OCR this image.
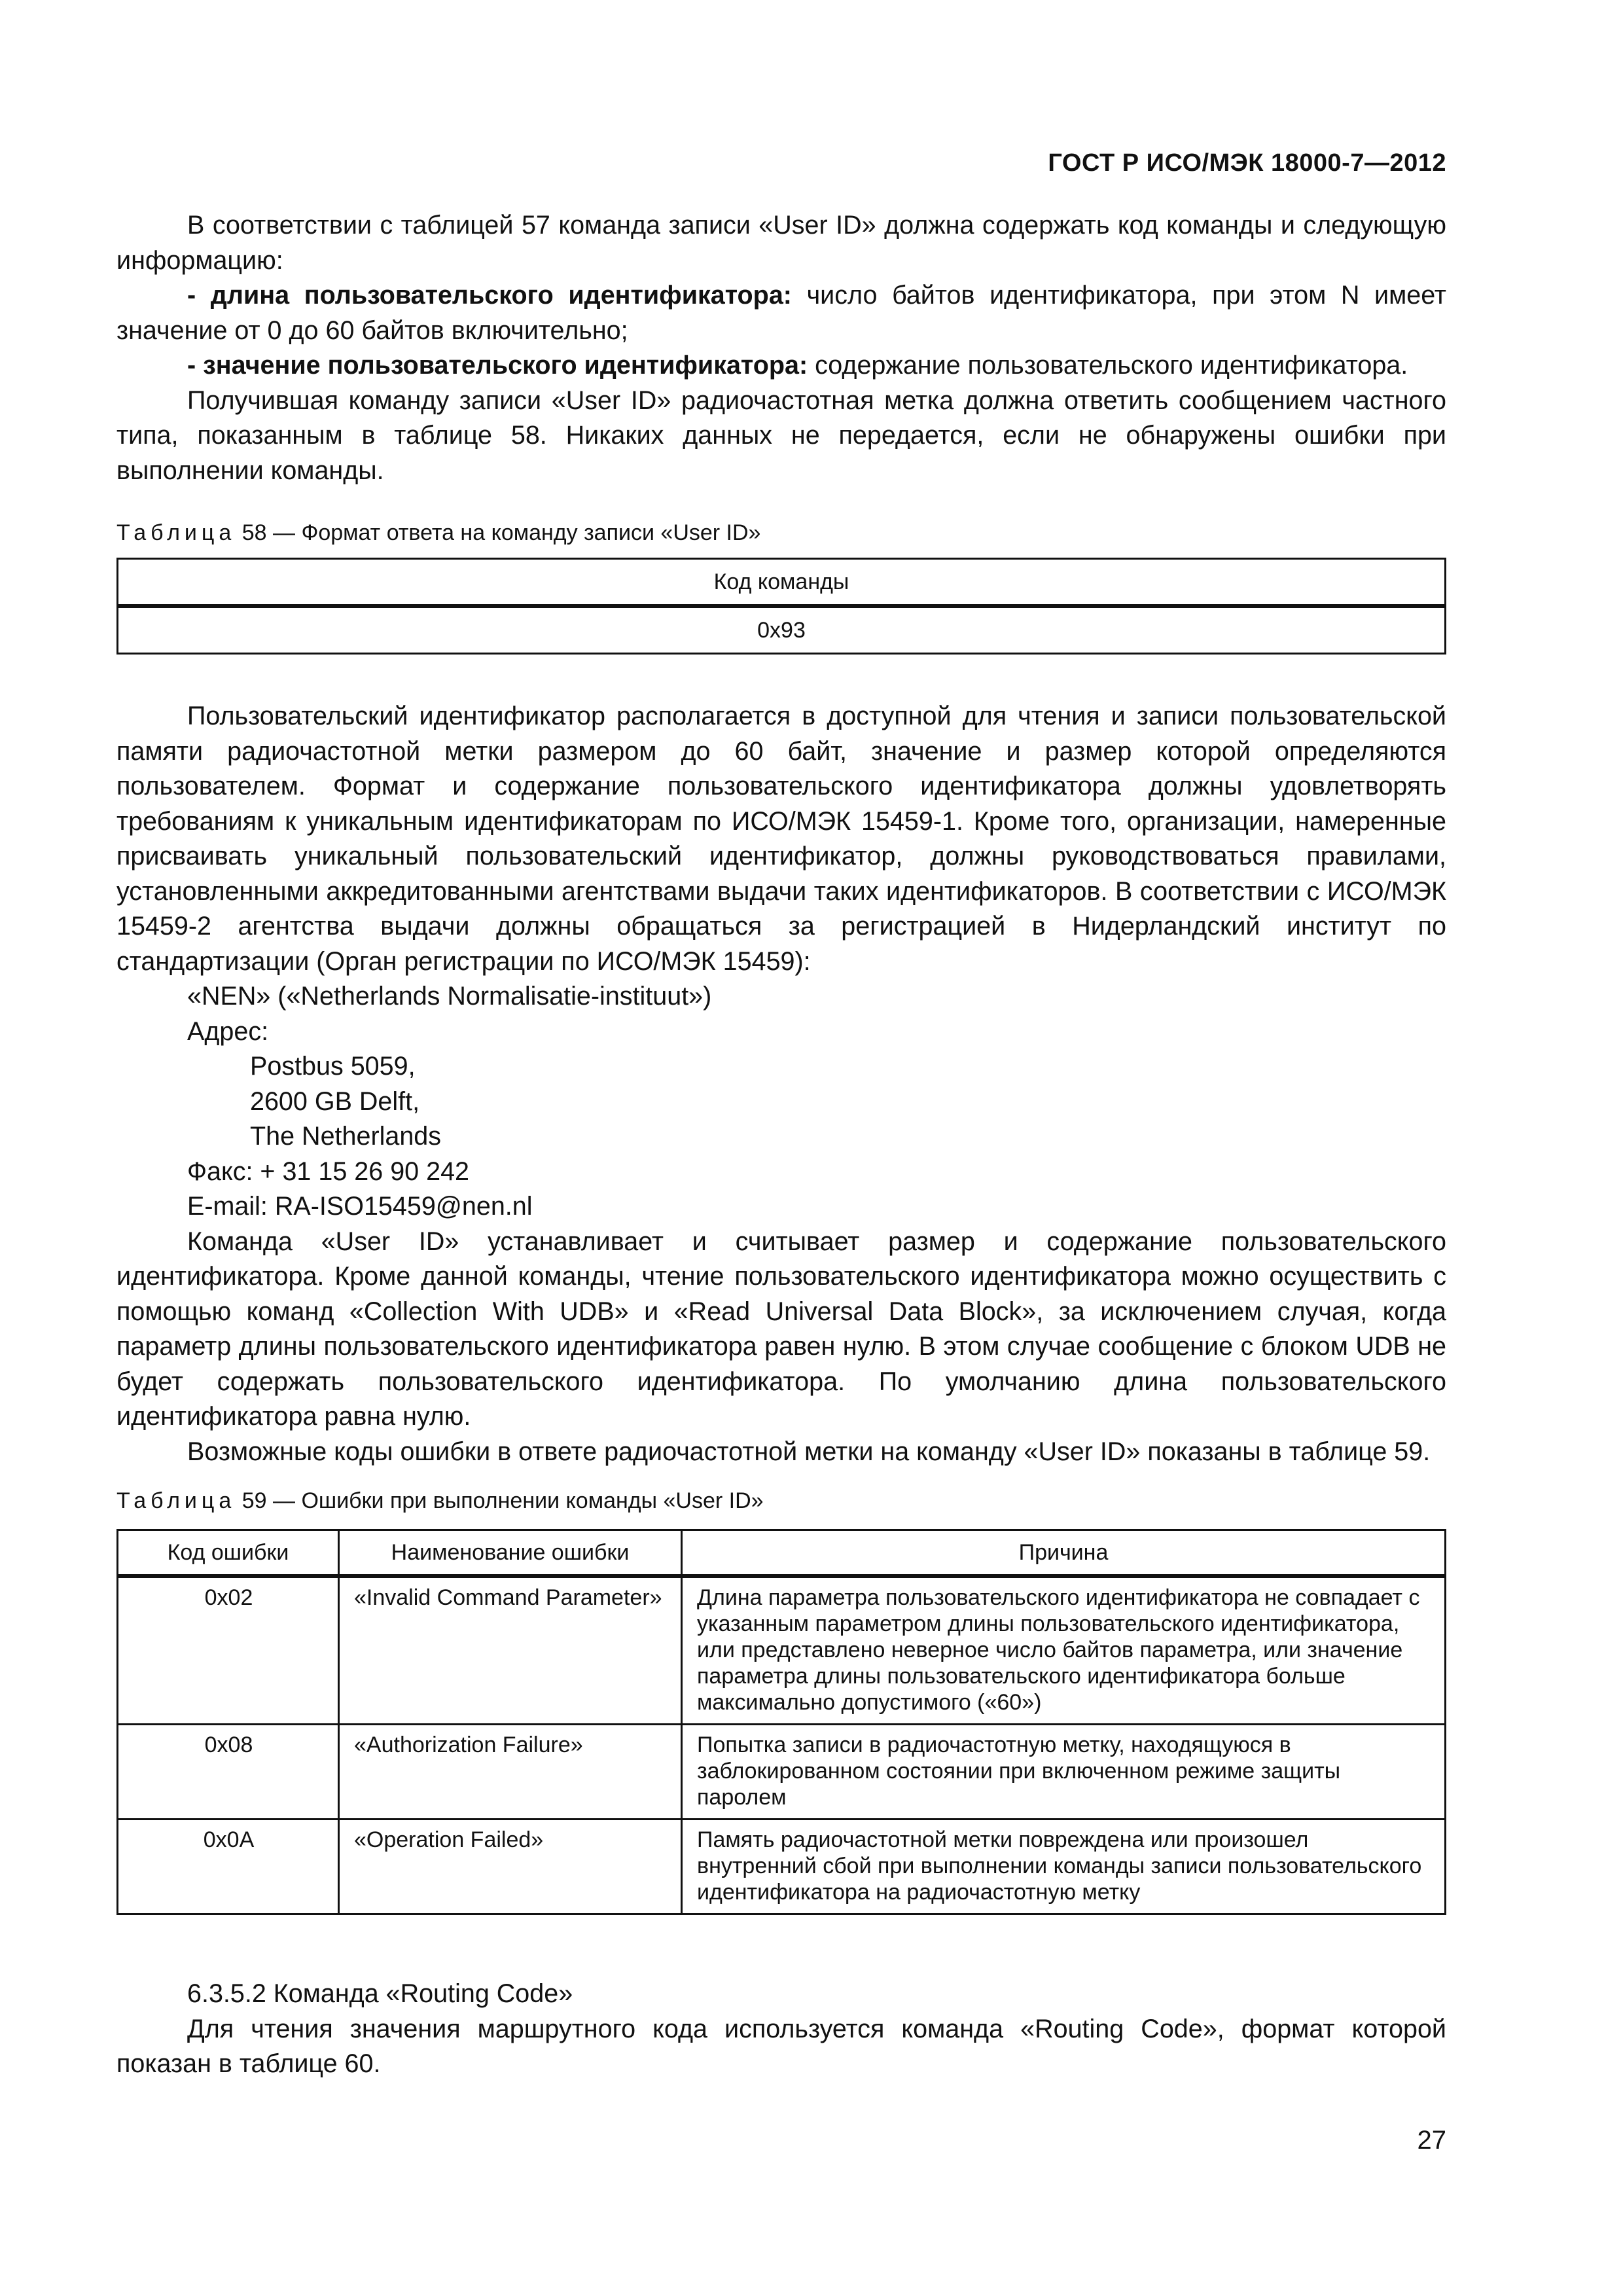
ГОСТ Р ИСО/МЭК 18000-7—2012

В соответствии с таблицей 57 команда записи «User ID» должна содержать код команды и следующую информацию:

- длина пользовательского идентификатора: число байтов идентификатора, при этом N имеет значение от 0 до 60 байтов включительно;

- значение пользовательского идентификатора: содержание пользовательского идентификатора.

Получившая команду записи «User ID» радиочастотная метка должна ответить сообщением частного типа, показанным в таблице 58. Никаких данных не передается, если не обнаружены ошибки при выполнении команды.

Таблица 58 — Формат ответа на команду записи «User ID»
Код команды
0x93

Пользовательский идентификатор располагается в доступной для чтения и записи пользовательской памяти радиочастотной метки размером до 60 байт, значение и размер которой определяются пользователем. Формат и содержание пользовательского идентификатора должны удовлетворять требованиям к уникальным идентификаторам по ИСО/МЭК 15459-1. Кроме того, организации, намеренные присваивать уникальный пользовательский идентификатор, должны руководствоваться правилами, установленными аккредитованными агентствами выдачи таких идентификаторов. В соответствии с ИСО/МЭК 15459-2 агентства выдачи должны обращаться за регистрацией в Нидерландский институт по стандартизации (Орган регистрации по ИСО/МЭК 15459):

«NEN» («Netherlands Normalisatie-instituut»)

Адрес:

Postbus 5059,

2600 GB Delft,

The Netherlands

Факс: + 31 15 26 90 242

E-mail: RA-ISO15459@nen.nl

Команда «User ID» устанавливает и считывает размер и содержание пользовательского идентификатора. Кроме данной команды, чтение пользовательского идентификатора можно осуществить с помощью команд «Collection With UDB» и «Read Universal Data Block», за исключением случая, когда параметр длины пользовательского идентификатора равен нулю. В этом случае сообщение с блоком UDB не будет содержать пользовательского идентификатора. По умолчанию длина пользовательского идентификатора равна нулю.

Возможные коды ошибки в ответе радиочастотной метки на команду «User ID» показаны в таблице 59.

Таблица 59 — Ошибки при выполнении команды «User ID»
Код ошибки	Наименование ошибки	Причина
0x02	«Invalid Command Parameter»	Длина параметра пользовательского идентификатора не совпадает с указанным параметром длины пользовательского идентификатора, или представлено неверное число байтов параметра, или значение параметра длины пользовательского идентификатора больше максимально допустимого («60»)
0x08	«Authorization Failure»	Попытка записи в радиочастотную метку, находящуюся в заблокированном состоянии при включенном режиме защиты паролем
0x0A	«Operation Failed»	Память радиочастотной метки повреждена или произошел внутренний сбой при выполнении команды записи пользовательского идентификатора на радиочастотную метку

6.3.5.2 Команда «Routing Code»

Для чтения значения маршрутного кода используется команда «Routing Code», формат которой показан в таблице 60.

27
